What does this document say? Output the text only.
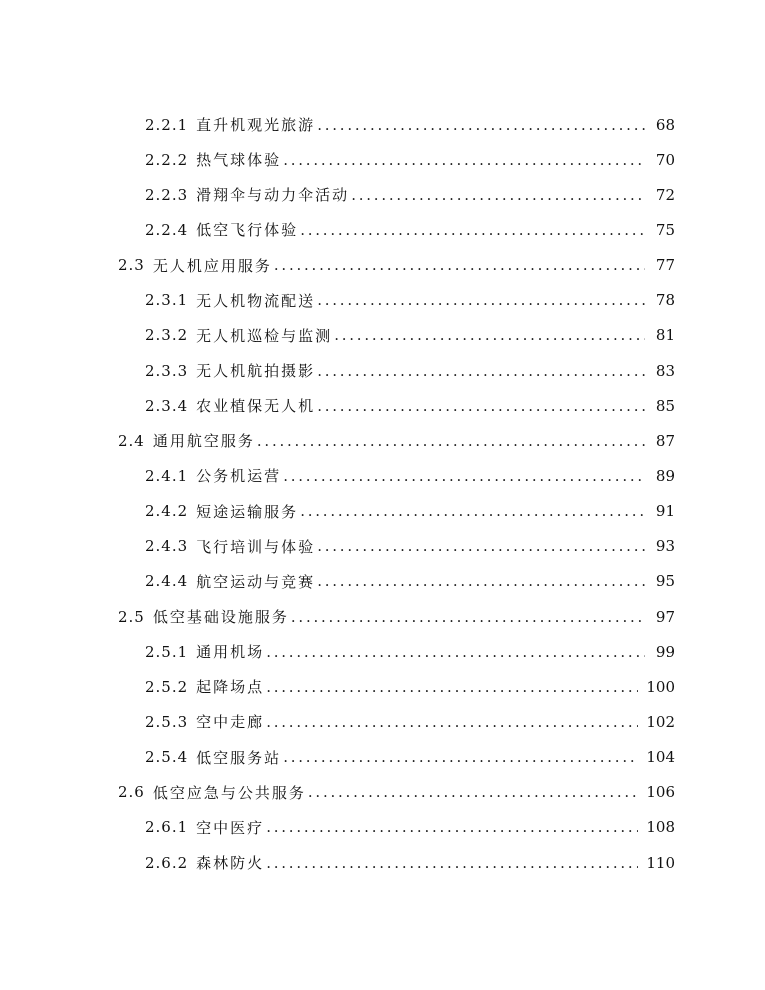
2.2.1 直升机观光旅游 . . .	68
2.2.2 热气球体验 . . .	70
2.2.3 滑翔伞与动力伞活动 . . .	72
2.2.4 低空飞行体验 . . .	75
2.3 无人机应用服务 . . .	77
2.3.1 无人机物流配送 . . .	78
2.3.2 无人机巡检与监测 . . .	81
2.3.3 无人机航拍摄影 . . .	83
2.3.4 农业植保无人机 . . .	85
2.4 通用航空服务 . . .	87
2.4.1 公务机运营 . . .	89
2.4.2 短途运输服务 . . .	91
2.4.3 飞行培训与体验 . . .	93
2.4.4 航空运动与竞赛 . . .	95
2.5 低空基础设施服务 . . .	97
2.5.1 通用机场 . . .	99
2.5.2 起降场点 . . .	100
2.5.3 空中走廊 . . .	102
2.5.4 低空服务站 . . .	104
2.6 低空应急与公共服务 . . .	106
2.6.1 空中医疗 . . .	108
2.6.2 森林防火 . . .	110
